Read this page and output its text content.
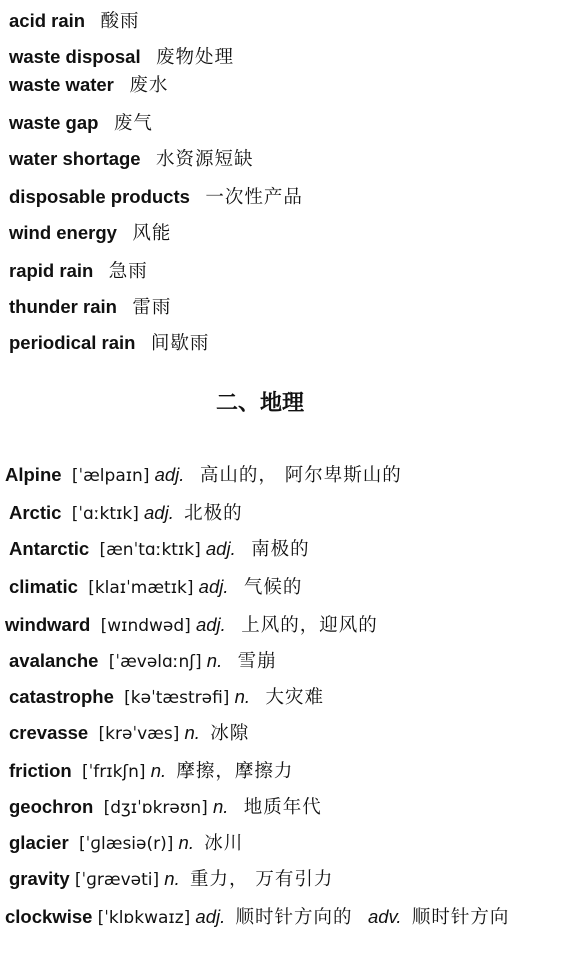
acid rain 酸雨
waste disposal 废物处理
waste water 废水
waste gap 废气
water shortage 水资源短缺
disposable products 一次性产品
wind energy 风能
rapid rain 急雨
thunder rain 雷雨
periodical rain 间歇雨
二、地理
Alpine [ˈælpaɪn] adj. 高山的， 阿尔卑斯山的
Arctic [ˈɑːktɪk] adj. 北极的
Antarctic [ænˈtɑːktɪk] adj. 南极的
climatic [klaɪˈmætɪk] adj. 气候的
windward [wɪndwəd] adj. 上风的，迎风的
avalanche [ˈævəlɑːnʃ] n. 雪崩
catastrophe [kəˈtæstrəfi] n. 大灾难
crevasse [krəˈvæs] n. 冰隙
friction [ˈfrɪkʃn] n. 摩擦，摩擦力
geochron [dʒɪˈɒkrəʊn] n. 地质年代
glacier [ˈɡlæsiə(r)] n. 冰川
gravity [ˈɡrævəti] n. 重力， 万有引力
clockwise [ˈklɒkwaɪz] adj. 顺时针方向的 adv. 顺时针方向
